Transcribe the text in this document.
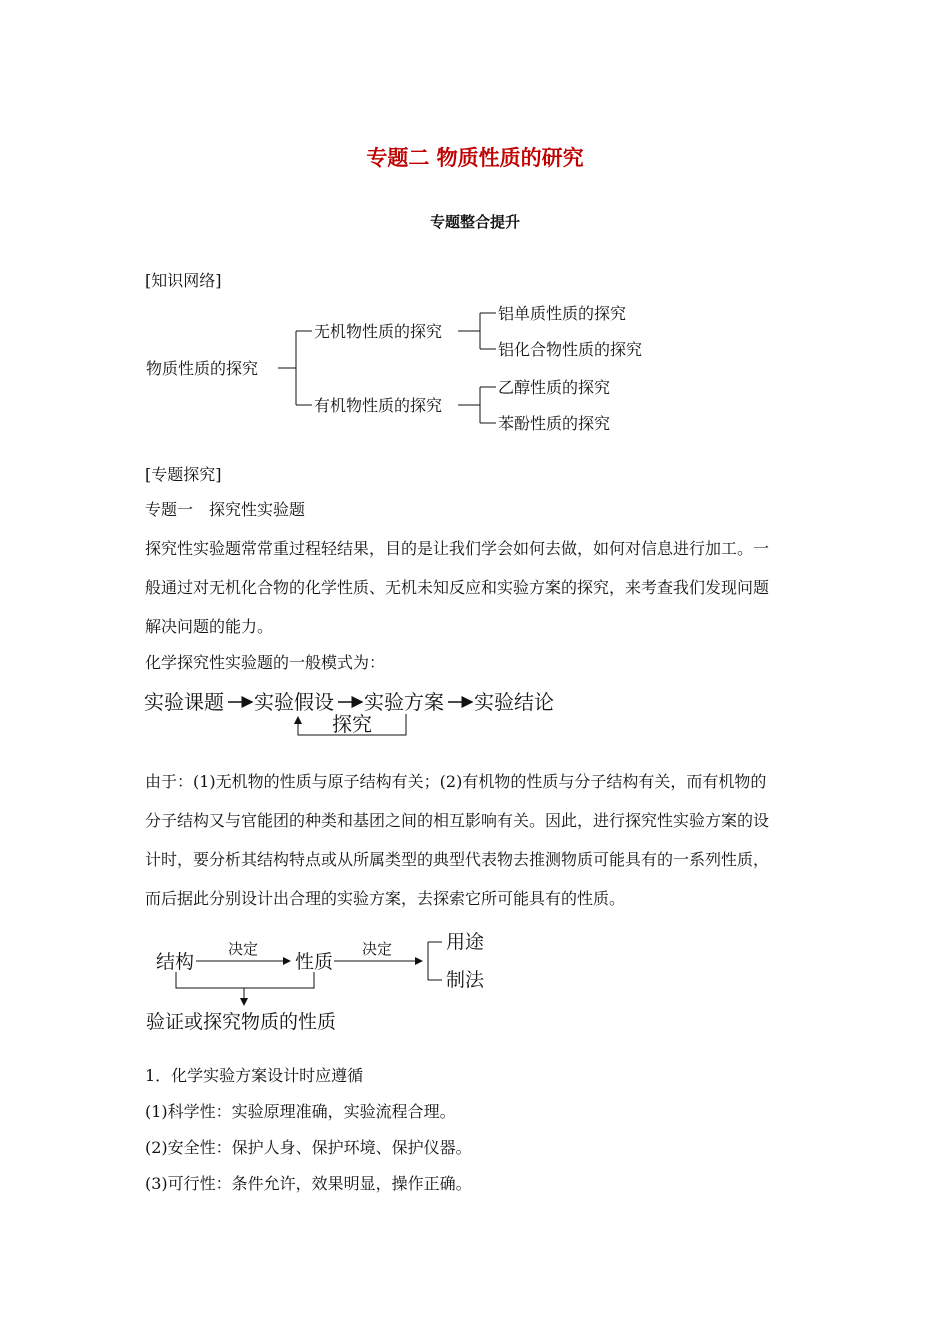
专题二 物质性质的研究
专题整合提升
[知识网络]
物质性质的探究
无机物性质的探究
有机物性质的探究
铝单质性质的探究
铝化合物性质的探究
乙醇性质的探究
苯酚性质的探究
[专题探究]
专题一　探究性实验题
探究性实验题常常重过程轻结果，目的是让我们学会如何去做，如何对信息进行加工。一
般通过对无机化合物的化学性质、无机未知反应和实验方案的探究，来考查我们发现问题
解决问题的能力。
化学探究性实验题的一般模式为：
实验课题 实验假设 实验方案 实验结论
探究
由于：(1)无机物的性质与原子结构有关；(2)有机物的性质与分子结构有关，而有机物的
分子结构又与官能团的种类和基团之间的相互影响有关。因此，进行探究性实验方案的设
计时，要分析其结构特点或从所属类型的典型代表物去推测物质可能具有的一系列性质，
而后据此分别设计出合理的实验方案，去探索它所可能具有的性质。
结构
决定
性质
决定	用途
制法
验证或探究物质的性质
1．化学实验方案设计时应遵循
(1)科学性：实验原理准确，实验流程合理。
(2)安全性：保护人身、保护环境、保护仪器。
(3)可行性：条件允许，效果明显，操作正确。
